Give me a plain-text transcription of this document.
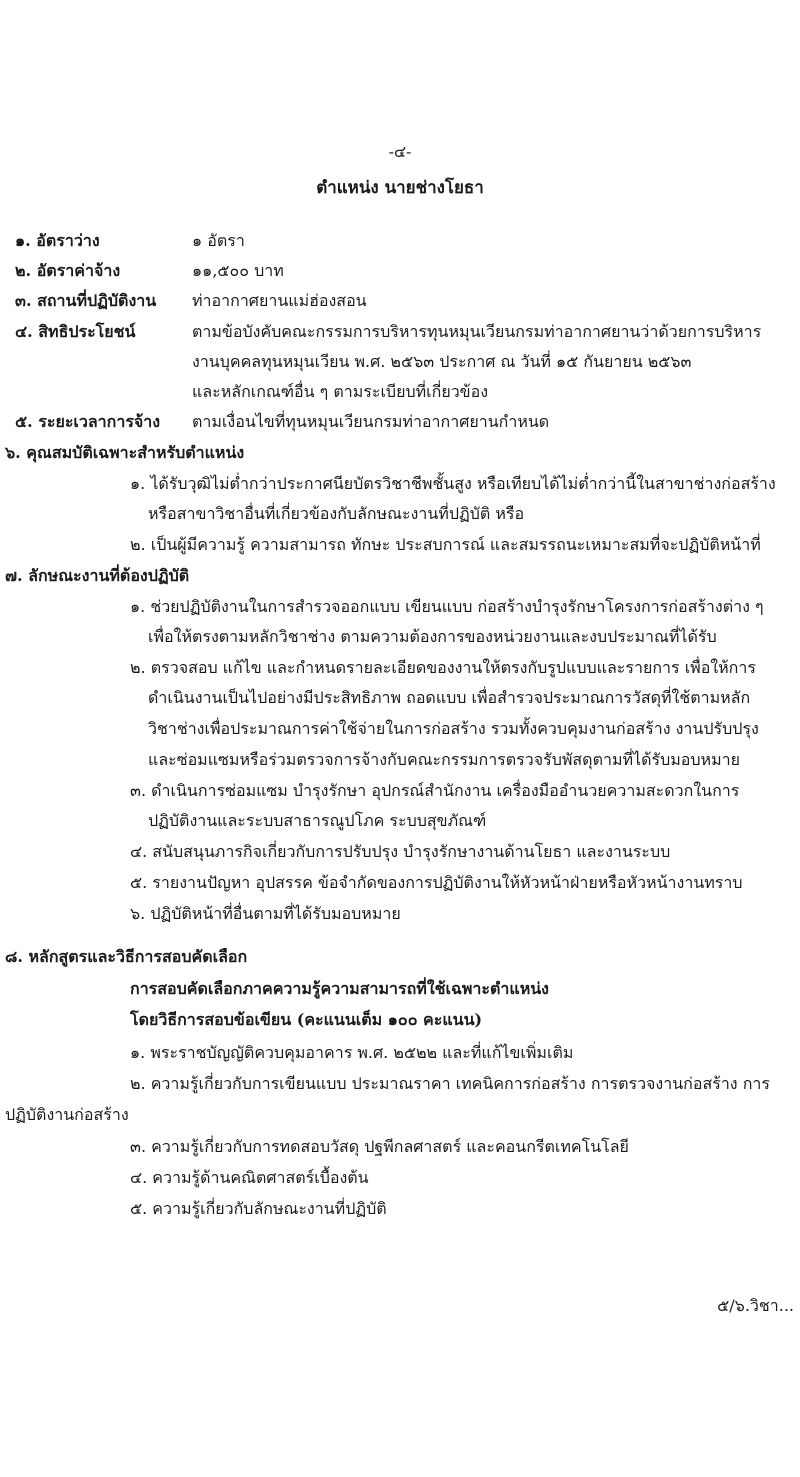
-๔-
ตำแหน่ง นายช่างโยธา
๑. อัตราว่าง	๑ อัตรา
๒. อัตราค่าจ้าง	๑๑,๕๐๐ บาท
๓. สถานที่ปฏิบัติงาน ท่าอากาศยานแม่ฮ่องสอน
๔. สิทธิประโยชน์	ตามข้อบังคับคณะกรรมการบริหารทุนหมุนเวียนกรมท่าอากาศยานว่าด้วยการบริหาร
งานบุคคลทุนหมุนเวียน พ.ศ. ๒๕๖๓ ประกาศ ณ วันที่ ๑๕ กันยายน ๒๕๖๓
และหลักเกณฑ์อื่น ๆ ตามระเบียบที่เกี่ยวข้อง
๕. ระยะเวลาการจ้าง ตามเงื่อนไขที่ทุนหมุนเวียนกรมท่าอากาศยานกำหนด
๖. คุณสมบัติเฉพาะสำหรับตำแหน่ง
๑. ได้รับวุฒิไม่ต่ำกว่าประกาศนียบัตรวิชาชีพชั้นสูง หรือเทียบได้ไม่ต่ำกว่านี้ในสาขาช่างก่อสร้าง
หรือสาขาวิชาอื่นที่เกี่ยวข้องกับลักษณะงานที่ปฏิบัติ หรือ
๒. เป็นผู้มีความรู้ ความสามารถ ทักษะ ประสบการณ์ และสมรรถนะเหมาะสมที่จะปฏิบัติหน้าที่
๗. ลักษณะงานที่ต้องปฏิบัติ
๑. ช่วยปฏิบัติงานในการสำรวจออกแบบ เขียนแบบ ก่อสร้างบำรุงรักษาโครงการก่อสร้างต่าง ๆ
เพื่อให้ตรงตามหลักวิชาช่าง ตามความต้องการของหน่วยงานและงบประมาณที่ได้รับ
๒. ตรวจสอบ แก้ไข และกำหนดรายละเอียดของงานให้ตรงกับรูปแบบและรายการ เพื่อให้การ
ดำเนินงานเป็นไปอย่างมีประสิทธิภาพ ถอดแบบ เพื่อสำรวจประมาณการวัสดุที่ใช้ตามหลัก
วิชาช่างเพื่อประมาณการค่าใช้จ่ายในการก่อสร้าง รวมทั้งควบคุมงานก่อสร้าง งานปรับปรุง
และซ่อมแซมหรือร่วมตรวจการจ้างกับคณะกรรมการตรวจรับพัสดุตามที่ได้รับมอบหมาย
๓. ดำเนินการซ่อมแซม บำรุงรักษา อุปกรณ์สำนักงาน เครื่องมืออำนวยความสะดวกในการ
ปฏิบัติงานและระบบสาธารณูปโภค ระบบสุขภัณฑ์
๔. สนับสนุนภารกิจเกี่ยวกับการปรับปรุง บำรุงรักษางานด้านโยธา และงานระบบ
๕. รายงานปัญหา อุปสรรค ข้อจำกัดของการปฏิบัติงานให้หัวหน้าฝ่ายหรือหัวหน้างานทราบ
๖. ปฏิบัติหน้าที่อื่นตามที่ได้รับมอบหมาย
๘. หลักสูตรและวิธีการสอบคัดเลือก
การสอบคัดเลือกภาคความรู้ความสามารถที่ใช้เฉพาะตำแหน่ง
โดยวิธีการสอบข้อเขียน (คะแนนเต็ม ๑๐๐ คะแนน)
๑. พระราชบัญญัติควบคุมอาคาร พ.ศ. ๒๕๒๒ และที่แก้ไขเพิ่มเติม
๒. ความรู้เกี่ยวกับการเขียนแบบ ประมาณราคา เทคนิคการก่อสร้าง การตรวจงานก่อสร้าง การ
ปฏิบัติงานก่อสร้าง
๓. ความรู้เกี่ยวกับการทดสอบวัสดุ ปฐพีกลศาสตร์ และคอนกรีตเทคโนโลยี
๔. ความรู้ด้านคณิตศาสตร์เบื้องต้น
๕. ความรู้เกี่ยวกับลักษณะงานที่ปฏิบัติ
๕/๖.วิชา...
